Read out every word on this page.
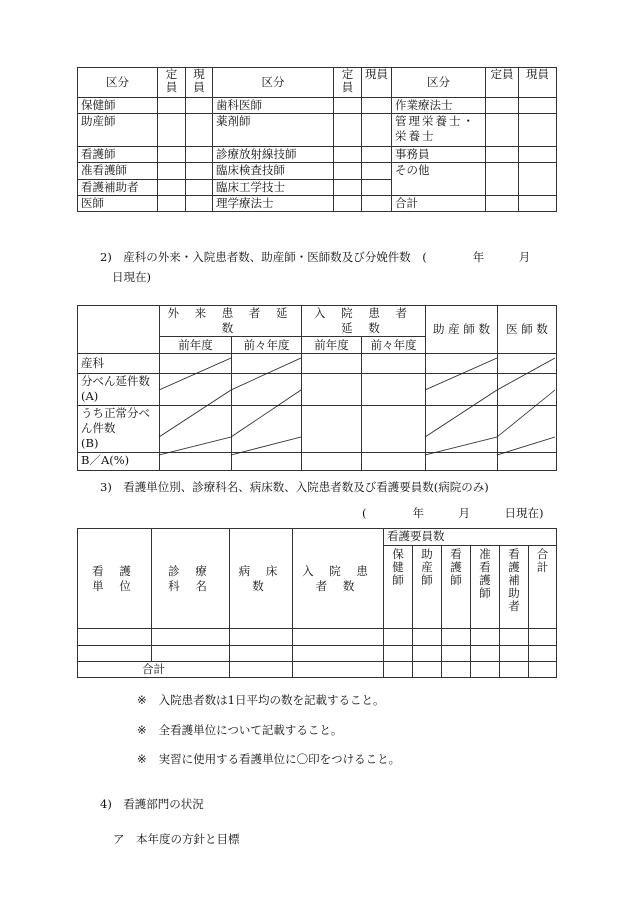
区分	定員	現員	区分	定員	現員	区分	定員	現員
保健師			歯科医師			作業療法士		
助産師			薬剤師			管理栄養士・栄養士		
看護師			診療放射線技師			事務員		
准看護師			臨床検査技師			その他		
看護補助者			臨床工学技士					
医師			理学療法士			合計		
2)　産科の外来・入院患者数、助産師・医師数及び分娩件数　(　　　　年　　　月
日現在)
	外 来 患 者 延 数		入 院 患 者 延 数		助 産 師 数	医 師 数
	前年度	前々年度	前年度	前々年度		
産科						
分べん延件数
(A)						
うち正常分べん件数
(B)						
B／A(%)						
3)　看護単位別、診療科名、病床数、入院患者数及び看護要員数(病院のみ)
(　　　　年　　　月　　　日現在)
看 護 単 位	診 療 科 名	病 床 数	入 院 患 者 数	看護要員数					
				保健師	助産師	看護師	准看護師	看護補助者	合計

合計									
※ 入院患者数は1日平均の数を記載すること。
※ 全看護単位について記載すること。
※ 実習に使用する看護単位に〇印をつけること。
4)　看護部門の状況
ア　本年度の方針と目標
